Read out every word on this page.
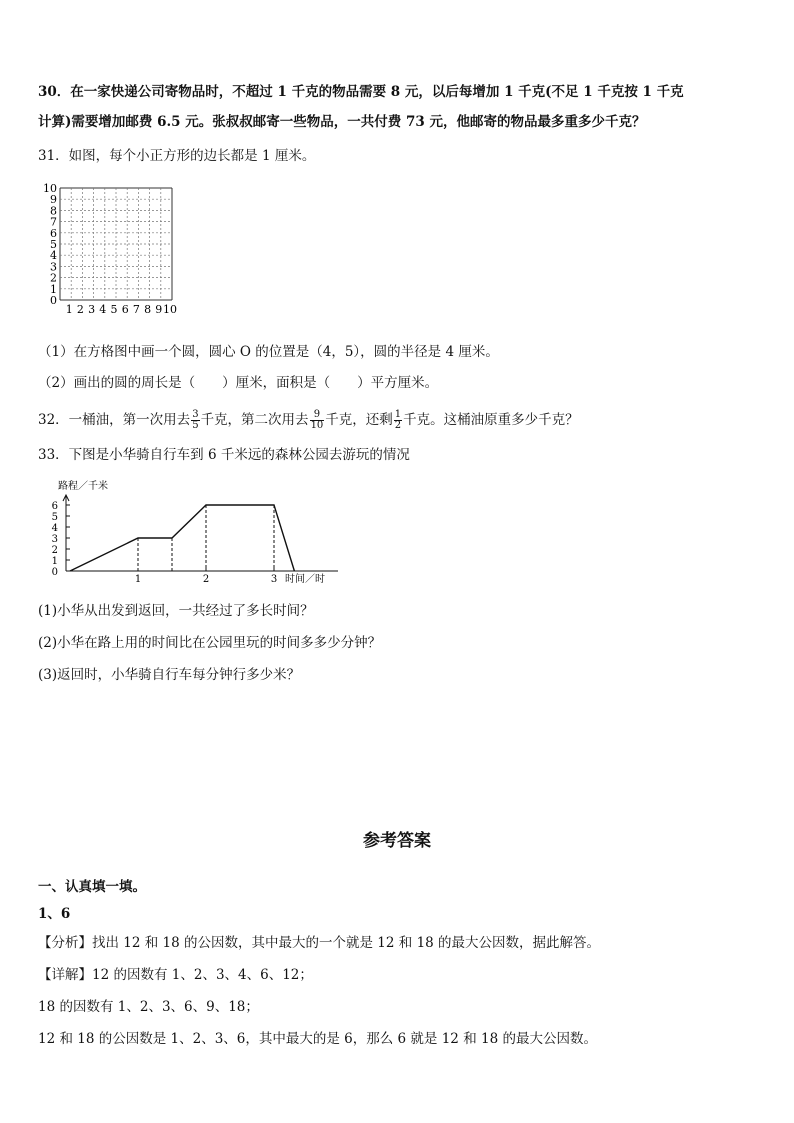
30．在一家快递公司寄物品时，不超过 1 千克的物品需要 8 元，以后每增加 1 千克(不足 1 千克按 1 千克
计算)需要增加邮费 6.5 元。张叔叔邮寄一些物品，一共付费 73 元，他邮寄的物品最多重多少千克？
31．如图，每个小正方形的边长都是 1 厘米。
0
1
2
3
4
5
6
7
8
9
10
1 2 3 4 5 6 7 8 9 10
（1）在方格图中画一个圆，圆心 O 的位置是（4，5），圆的半径是 4 厘米。
（2）画出的圆的周长是（　　）厘米，面积是（　　）平方厘米。
32．一桶油，第一次用去 $\frac{3}{5}$ 千克，第二次用去 $\frac{9}{10}$ 千克，还剩 $\frac{1}{2}$ 千克。这桶油原重多少千克？
33．下图是小华骑自行车到 6 千米远的森林公园去游玩的情况
0
1
2
3
4
5
6
1	2	3
路程／千米
时间／时
(1)小华从出发到返回，一共经过了多长时间？
(2)小华在路上用的时间比在公园里玩的时间多多少分钟？
(3)返回时，小华骑自行车每分钟行多少米？
参考答案
一、认真填一填。
1、6
【分析】找出 12 和 18 的公因数，其中最大的一个就是 12 和 18 的最大公因数，据此解答。
【详解】12 的因数有 1、2、3、4、6、12；
18 的因数有 1、2、3、6、9、18；
12 和 18 的公因数是 1、2、3、6，其中最大的是 6，那么 6 就是 12 和 18 的最大公因数。
